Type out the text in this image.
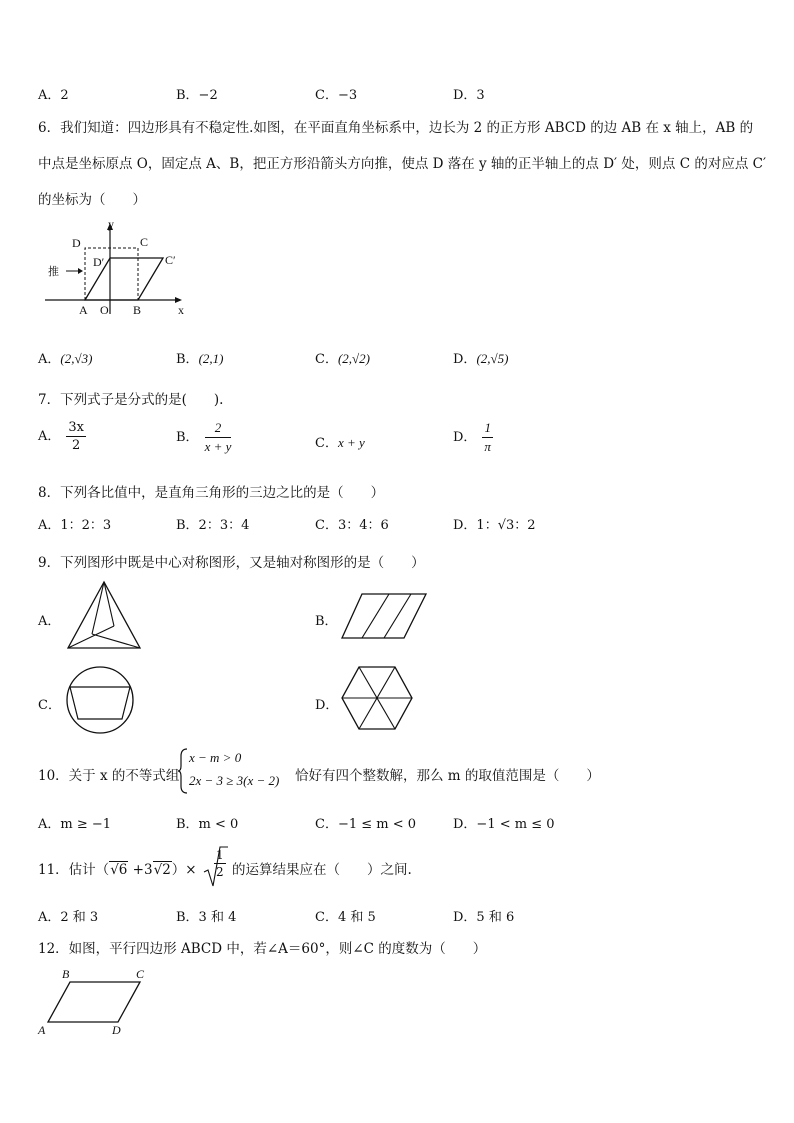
A．2	B．−2	C．−3	D．3
6．我们知道：四边形具有不稳定性.如图，在平面直角坐标系中，边长为 2 的正方形 ABCD 的边 AB 在 x 轴上，AB 的
中点是坐标原点 O，固定点 A、B，把正方形沿箭头方向推，使点 D 落在 y 轴的正半轴上的点 D′ 处，则点 C 的对应点 C′
的坐标为（　　）
y
D	C
D′	C′
推
A O B	x
A．(2,√3)	B．(2,1)	C．(2,√2)	D．(2,√5)
7．下列式子是分式的是(　　).
A． $\frac{3x}{2}$	B． $\frac{2}{x + y}$	C．x + y	D． $\frac{1}{\pi}$
8．下列各比值中，是直角三角形的三边之比的是（　　）
A．1：2：3	B．2：3：4	C．3：4：6	D．1：√3：2
9．下列图形中既是中心对称图形，又是轴对称图形的是（　　）
A．	B．
C．	D．
10．关于 x 的不等式组
x − m > 0
2x − 3 ≥ 3(x − 2) 恰好有四个整数解，那么 m 的取值范围是（　　）
A．m ≥ −1	B．m < 0	C．−1 ≤ m < 0	D．−1 < m ≤ 0
11．估计$(√6 +3√2)\times \frac{1}{2}$ 的运算结果应在（　　）之间.
A．2 和 3	B．3 和 4	C．4 和 5	D．5 和 6
12．如图，平行四边形 ABCD 中，若∠A＝60°，则∠C 的度数为（　　）
B	C
A	D
